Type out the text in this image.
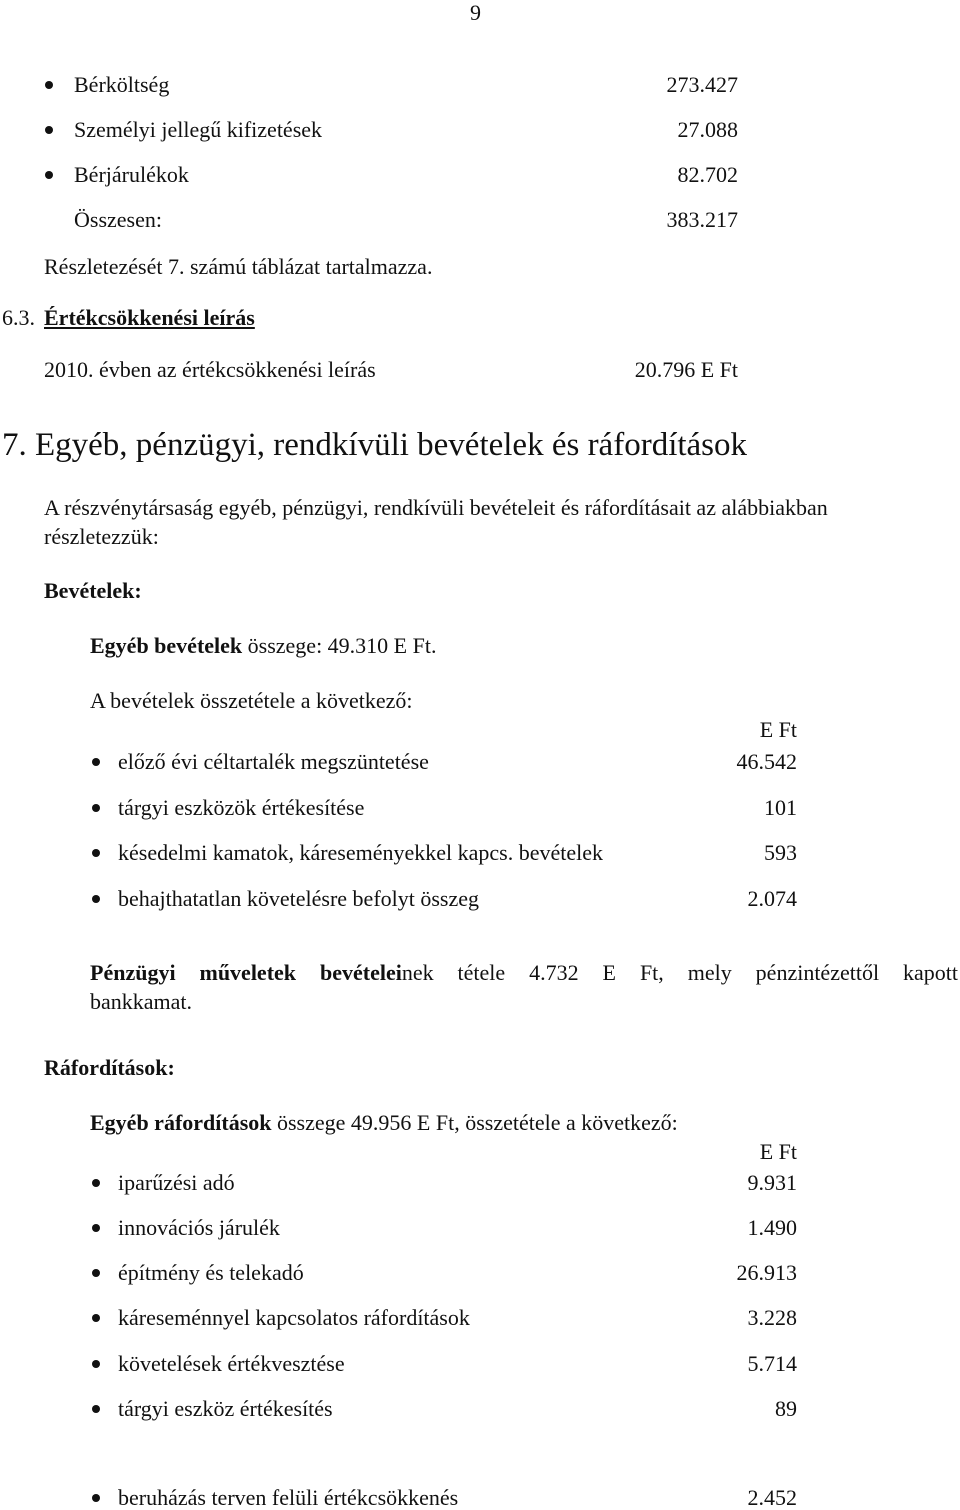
9
Bérköltség	273.427
Személyi jellegű kifizetések	27.088
Bérjárulékok	82.702
Összesen:	383.217
Részletezését 7. számú táblázat tartalmazza.
6.3. Értékcsökkenési leírás
2010. évben az értékcsökkenési leírás	20.796 E Ft
7. Egyéb, pénzügyi, rendkívüli bevételek és ráfordítások
A részvénytársaság egyéb, pénzügyi, rendkívüli bevételeit és ráfordításait az alábbiakban
részletezzük:
Bevételek:
Egyéb bevételek összege: 49.310 E Ft.
A bevételek összetétele a következő:
E Ft
előző évi céltartalék megszüntetése	46.542
tárgyi eszközök értékesítése	101
késedelmi kamatok, káreseményekkel kapcs. bevételek	593
behajthatatlan követelésre befolyt összeg	2.074
Pénzügyi műveletek bevételeinek tétele 4.732 E Ft, mely pénzintézettől kapott
bankkamat.
Ráfordítások:
Egyéb ráfordítások összege 49.956 E Ft, összetétele a következő:
E Ft
iparűzési adó	9.931
innovációs járulék	1.490
építmény és telekadó	26.913
káreseménnyel kapcsolatos ráfordítások	3.228
követelések értékvesztése	5.714
tárgyi eszköz értékesítés	89
beruházás terven felüli értékcsökkenés	2.452
